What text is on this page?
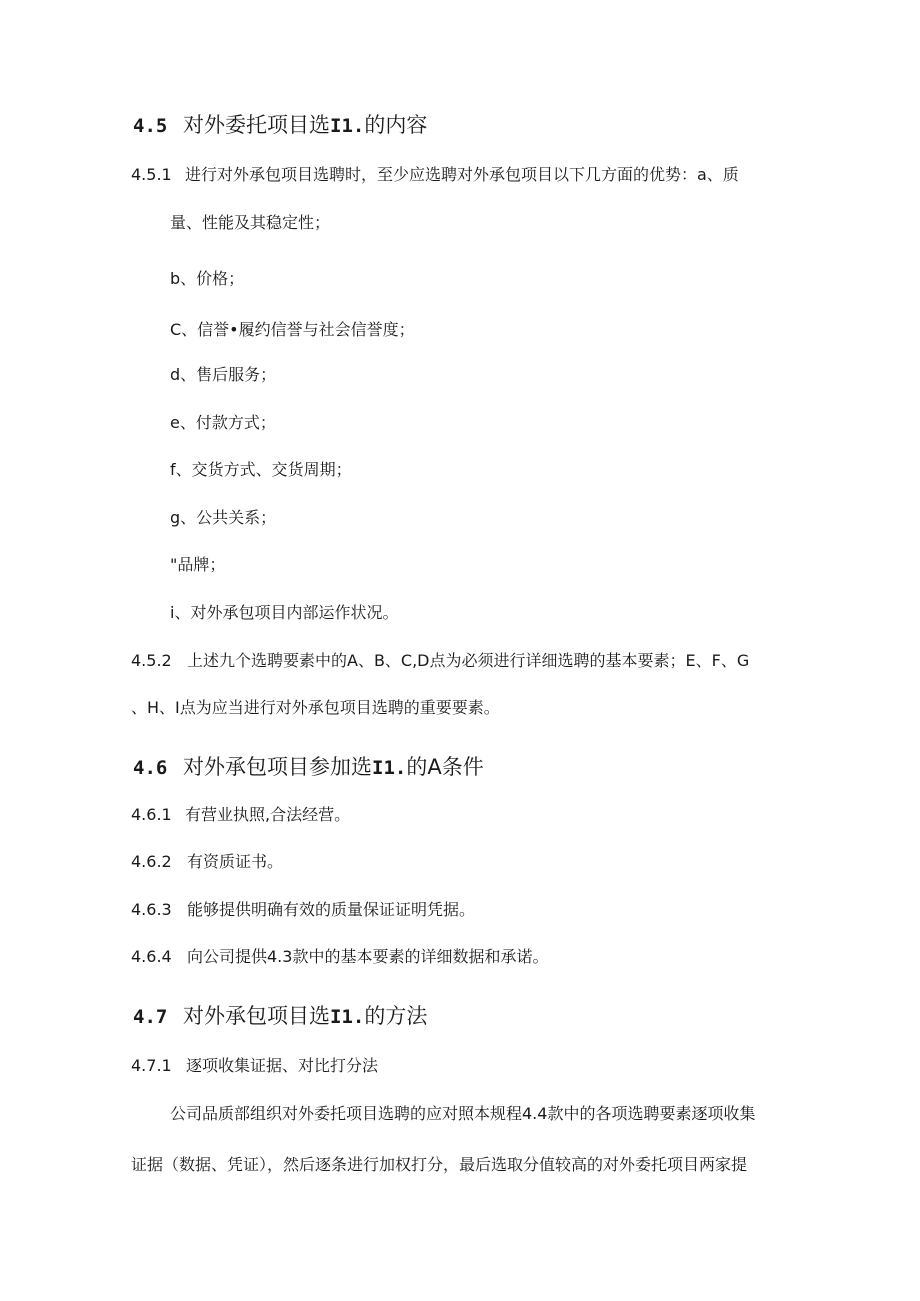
4.5 对外委托项目选I1.的内容
4.5.1 进行对外承包项目选聘时，至少应选聘对外承包项目以下几方面的优势：a、质
量、性能及其稳定性；
b、价格；
C、信誉•履约信誉与社会信誉度；
d、售后服务；
e、付款方式；
f、交货方式、交货周期；
g、公共关系；
"品牌；
i、对外承包项目内部运作状况。
4.5.2 上述九个选聘要素中的A、B、C,D点为必须进行详细选聘的基本要素；E、F、G
、H、I点为应当进行对外承包项目选聘的重要要素。
4.6 对外承包项目参加选I1.的A条件
4.6.1 有营业执照,合法经营。
4.6.2 有资质证书。
4.6.3 能够提供明确有效的质量保证证明凭据。
4.6.4 向公司提供4.3款中的基本要素的详细数据和承诺。
4.7 对外承包项目选I1.的方法
4.7.1 逐项收集证据、对比打分法
公司品质部组织对外委托项目选聘的应对照本规程4.4款中的各项选聘要素逐项收集
证据（数据、凭证），然后逐条进行加权打分，最后选取分值较高的对外委托项目两家提
